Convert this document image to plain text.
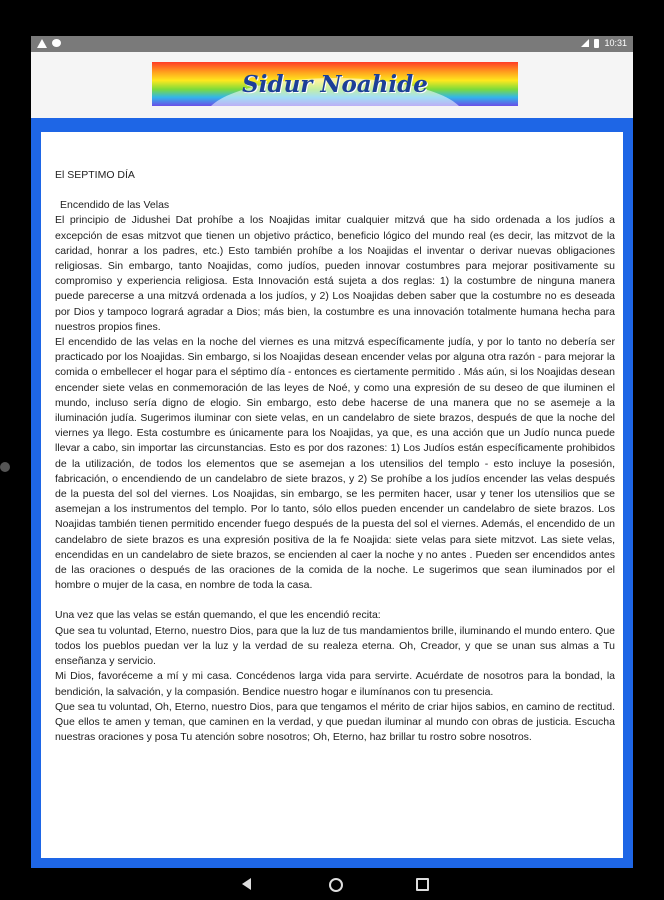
10:31
Sidur Noahide

El SEPTIMO DÍA

Encendido de las Velas

El principio de Jidushei Dat prohíbe a los Noajidas imitar cualquier mitzvá que ha sido ordenada a los judíos a excepción de esas mitzvot que tienen un objetivo práctico, beneficio lógico del mundo real (es decir, las mitzvot de la caridad, honrar a los padres, etc.) Esto también prohíbe a los Noajidas el inventar o derivar nuevas obligaciones religiosas. Sin embargo, tanto Noajidas, como judíos, pueden innovar costumbres para mejorar positivamente su compromiso y experiencia religiosa. Esta Innovación está sujeta a dos reglas: 1) la costumbre de ninguna manera puede parecerse a una mitzvá ordenada a los judíos, y 2) Los Noajidas deben saber que la costumbre no es deseada por Dios y tampoco logrará agradar a Dios; más bien, la costumbre es una innovación totalmente humana hecha para nuestros propios fines.

El encendido de las velas en la noche del viernes es una mitzvá específicamente judía, y por lo tanto no debería ser practicado por los Noajidas. Sin embargo, si los Noajidas desean encender velas por alguna otra razón - para mejorar la comida o embellecer el hogar para el séptimo día - entonces es ciertamente permitido . Más aún, si los Noajidas desean encender siete velas en conmemoración de las leyes de Noé, y como una expresión de su deseo de que iluminen el mundo, incluso sería digno de elogio. Sin embargo, esto debe hacerse de una manera que no se asemeje a la iluminación judía. Sugerimos iluminar con siete velas, en un candelabro de siete brazos, después de que la noche del viernes ya llego. Esta costumbre es únicamente para los Noajidas, ya que, es una acción que un Judío nunca puede llevar a cabo, sin importar las circunstancias. Esto es por dos razones: 1) Los Judíos están específicamente prohibidos de la utilización, de todos los elementos que se asemejan a los utensilios del templo - esto incluye la posesión, fabricación, o encendiendo de un candelabro de siete brazos, y 2) Se prohíbe a los judíos encender las velas después de la puesta del sol del viernes. Los Noajidas, sin embargo, se les permiten hacer, usar y tener los utensilios que se asemejan a los instrumentos del templo. Por lo tanto, sólo ellos pueden encender un candelabro de siete brazos. Los Noajidas también tienen permitido encender fuego después de la puesta del sol el viernes. Además, el encendido de un candelabro de siete brazos es una expresión positiva de la fe Noajida: siete velas para siete mitzvot. Las siete velas, encendidas en un candelabro de siete brazos, se encienden al caer la noche y no antes . Pueden ser encendidos antes de las oraciones o después de las oraciones de la comida de la noche. Le sugerimos que sean iluminados por el hombre o mujer de la casa, en nombre de toda la casa.

Una vez que las velas se están quemando, el que les encendió recita:

Que sea tu voluntad, Eterno, nuestro Dios, para que la luz de tus mandamientos brille, iluminando el mundo entero. Que todos los pueblos puedan ver la luz y la verdad de su realeza eterna. Oh, Creador, y que se unan sus almas a Tu enseñanza y servicio.

Mi Dios, favoréceme a mí y mi casa. Concédenos larga vida para servirte. Acuérdate de nosotros para la bondad, la bendición, la salvación, y la compasión. Bendice nuestro hogar e ilumínanos con tu presencia.

Que sea tu voluntad, Oh, Eterno, nuestro Dios, para que tengamos el mérito de criar hijos sabios, en camino de rectitud. Que ellos te amen y teman, que caminen en la verdad, y que puedan iluminar al mundo con obras de justicia. Escucha nuestras oraciones y posa Tu atención sobre nosotros; Oh, Eterno, haz brillar tu rostro sobre nosotros.
